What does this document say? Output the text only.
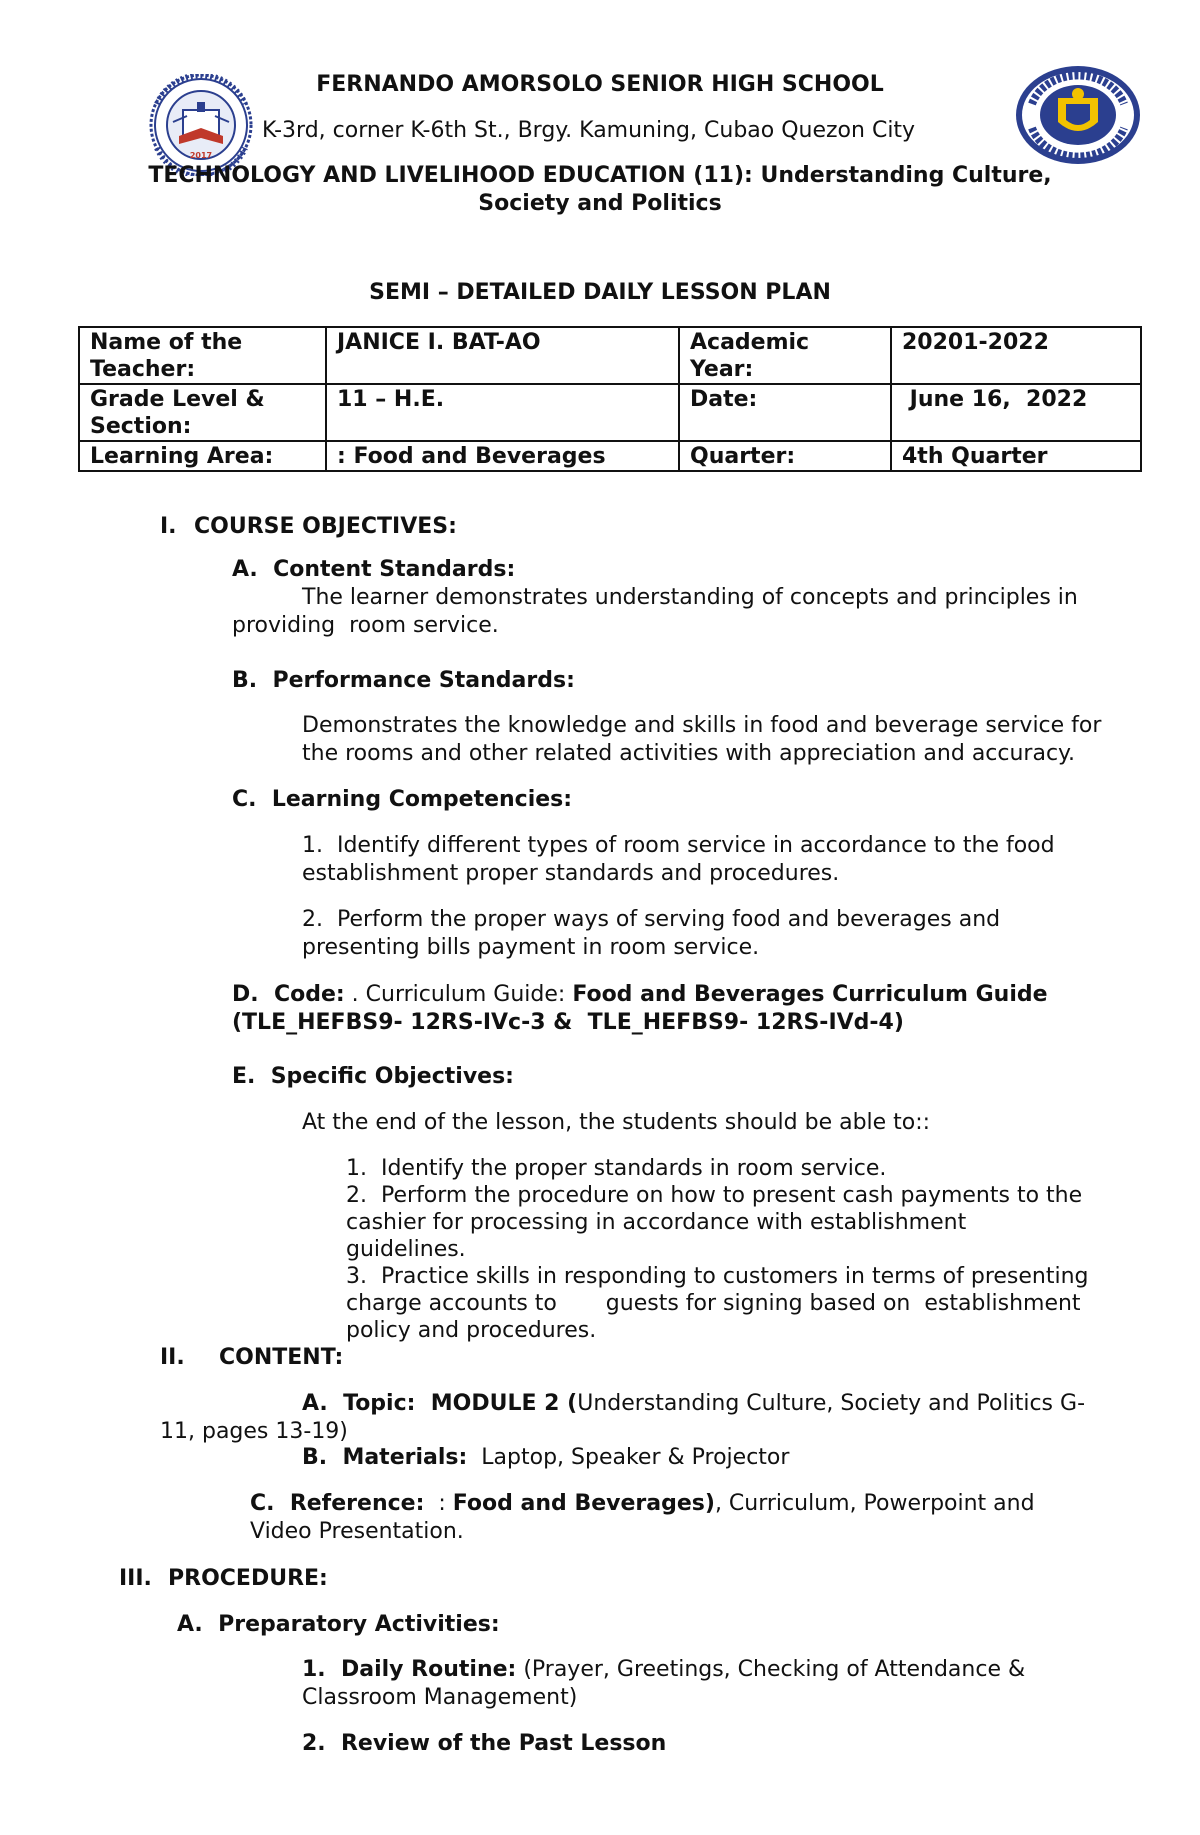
2017
FERNANDO AMORSOLO SENIOR HIGH SCHOOL
K-3rd, corner K-6th St., Brgy. Kamuning, Cubao Quezon City
TECHNOLOGY AND LIVELIHOOD EDUCATION (11): Understanding Culture,
Society and Politics
SEMI – DETAILED DAILY LESSON PLAN
Name of the Teacher:	JANICE I. BAT-AO	Academic Year:	20201-2022
Grade Level & Section:	11 – H.E.	Date:	June 16,  2022
Learning Area:	: Food and Beverages	Quarter:	4th Quarter
I. COURSE OBJECTIVES:
A.  Content Standards:
The learner demonstrates understanding of concepts and principles in
providing  room service.
B.  Performance Standards:
Demonstrates the knowledge and skills in food and beverage service for
the rooms and other related activities with appreciation and accuracy.
C.  Learning Competencies:
1.  Identify different types of room service in accordance to the food
establishment proper standards and procedures.
2.  Perform the proper ways of serving food and beverages and
presenting bills payment in room service.
D.  Code: . Curriculum Guide: Food and Beverages Curriculum Guide
(TLE_HEFBS9- 12RS-IVc-3 &  TLE_HEFBS9- 12RS-IVd-4)
E.  Specific Objectives:
At the end of the lesson, the students should be able to::
1.  Identify the proper standards in room service.
2.  Perform the procedure on how to present cash payments to the
cashier for processing in accordance with establishment
guidelines.
3.  Practice skills in responding to customers in terms of presenting
charge accounts to       guests for signing based on  establishment
policy and procedures.
II. CONTENT:
A.  Topic:  MODULE 2 (Understanding Culture, Society and Politics G-
11, pages 13-19)
B.  Materials:  Laptop, Speaker & Projector
C.  Reference:  : Food and Beverages), Curriculum, Powerpoint and
Video Presentation.
III. PROCEDURE:
A.  Preparatory Activities:
1.  Daily Routine: (Prayer, Greetings, Checking of Attendance &
Classroom Management)
2.  Review of the Past Lesson
